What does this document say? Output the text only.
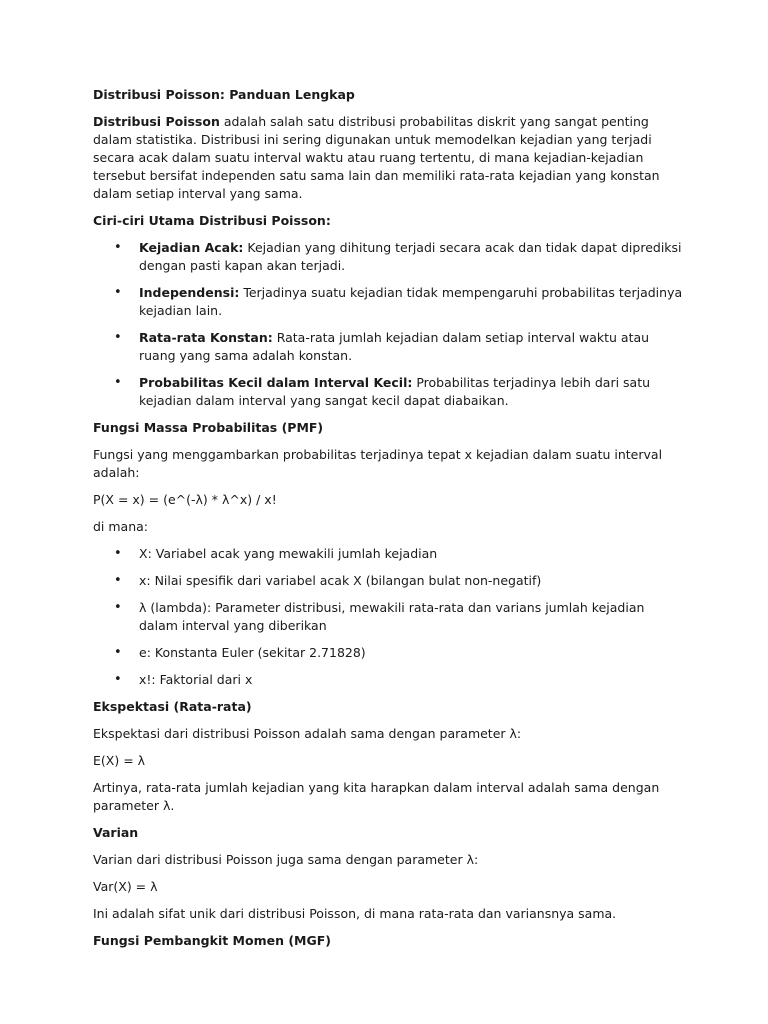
Distribusi Poisson: Panduan Lengkap

Distribusi Poisson adalah salah satu distribusi probabilitas diskrit yang sangat penting dalam statistika. Distribusi ini sering digunakan untuk memodelkan kejadian yang terjadi secara acak dalam suatu interval waktu atau ruang tertentu, di mana kejadian-kejadian tersebut bersifat independen satu sama lain dan memiliki rata-rata kejadian yang konstan dalam setiap interval yang sama.

Ciri-ciri Utama Distribusi Poisson:

• Kejadian Acak: Kejadian yang dihitung terjadi secara acak dan tidak dapat diprediksi dengan pasti kapan akan terjadi.
• Independensi: Terjadinya suatu kejadian tidak mempengaruhi probabilitas terjadinya kejadian lain.
• Rata-rata Konstan: Rata-rata jumlah kejadian dalam setiap interval waktu atau ruang yang sama adalah konstan.
• Probabilitas Kecil dalam Interval Kecil: Probabilitas terjadinya lebih dari satu kejadian dalam interval yang sangat kecil dapat diabaikan.

Fungsi Massa Probabilitas (PMF)

Fungsi yang menggambarkan probabilitas terjadinya tepat x kejadian dalam suatu interval adalah:

P(X = x) = (e^(-λ) * λ^x) / x!

di mana:

• X: Variabel acak yang mewakili jumlah kejadian
• x: Nilai spesifik dari variabel acak X (bilangan bulat non-negatif)
• λ (lambda): Parameter distribusi, mewakili rata-rata dan varians jumlah kejadian dalam interval yang diberikan
• e: Konstanta Euler (sekitar 2.71828)
• x!: Faktorial dari x

Ekspektasi (Rata-rata)

Ekspektasi dari distribusi Poisson adalah sama dengan parameter λ:

E(X) = λ

Artinya, rata-rata jumlah kejadian yang kita harapkan dalam interval adalah sama dengan parameter λ.

Varian

Varian dari distribusi Poisson juga sama dengan parameter λ:

Var(X) = λ

Ini adalah sifat unik dari distribusi Poisson, di mana rata-rata dan variansnya sama.

Fungsi Pembangkit Momen (MGF)
